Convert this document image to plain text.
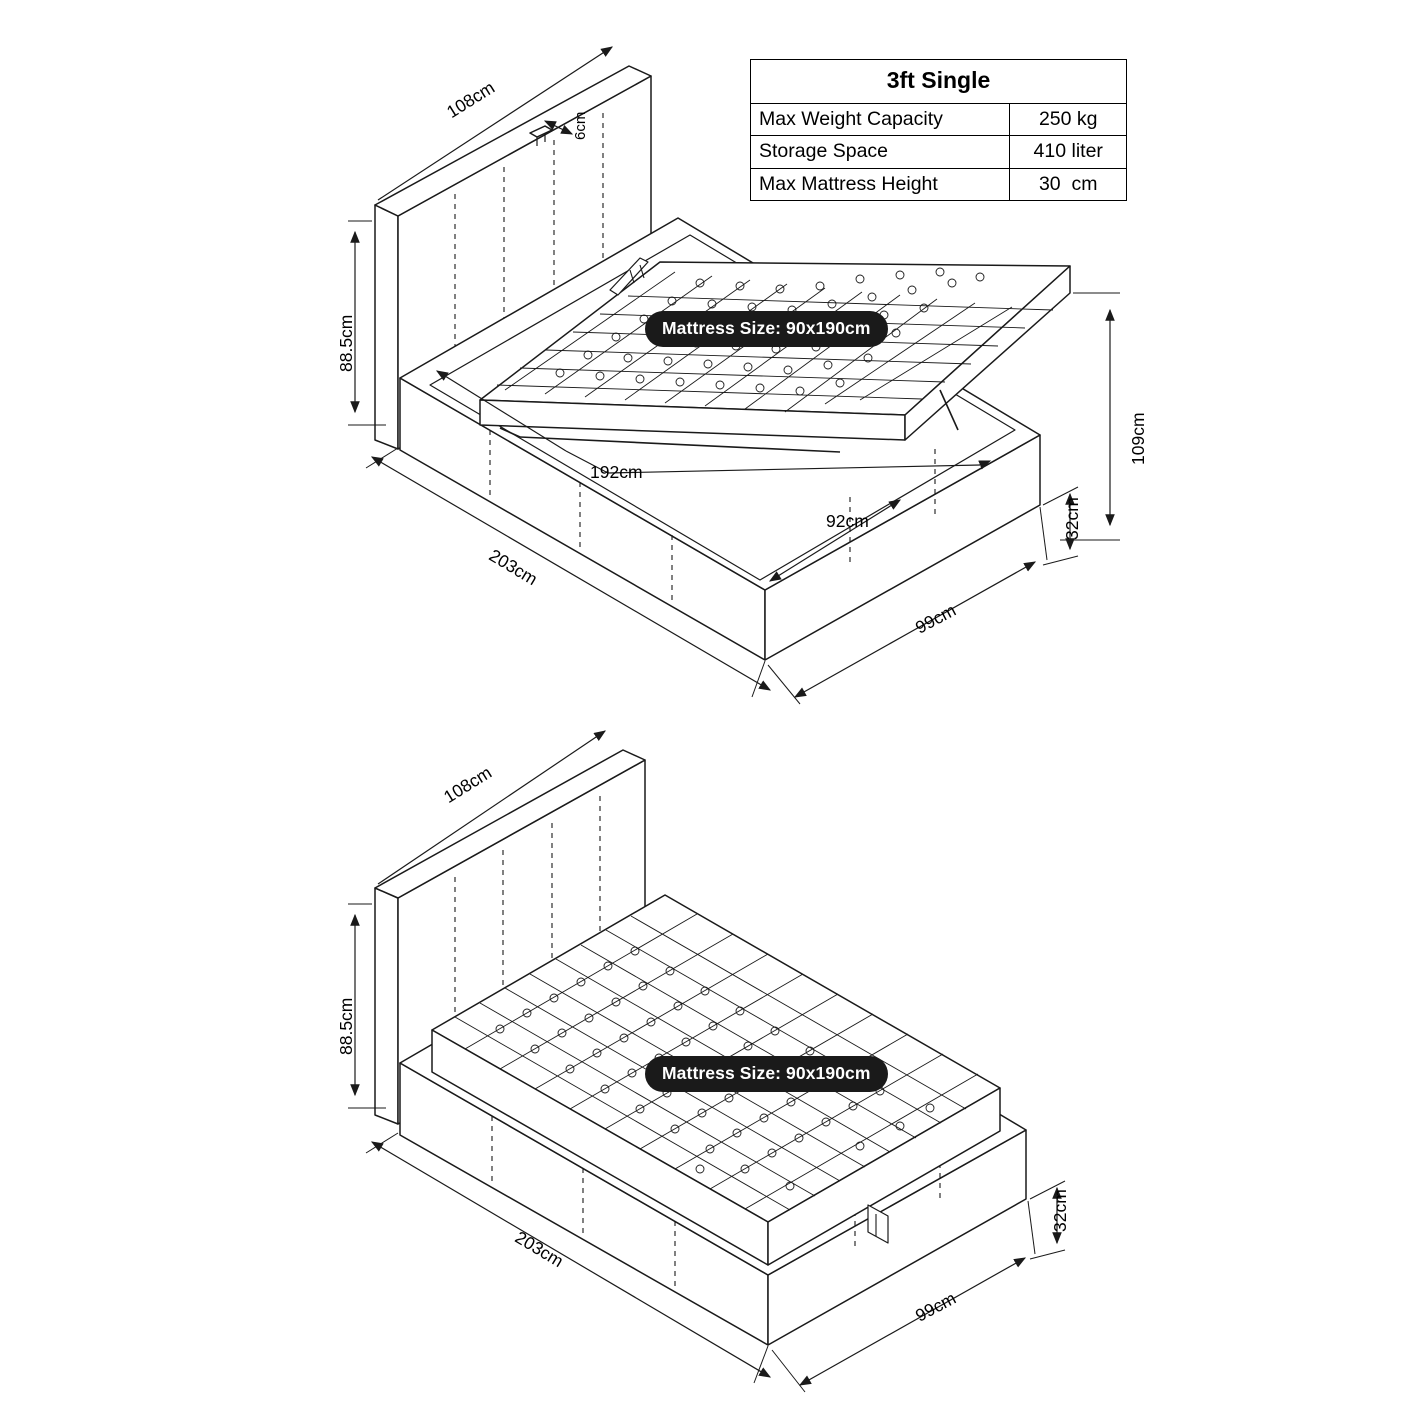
3ft Single	
Max Weight Capacity	250 kg
Storage Space	410 liter
Max Mattress Height	30  cm
Mattress Size: 90x190cm
Mattress Size: 90x190cm
108cm
6cm
88.5cm
192cm
92cm
203cm
99cm
32cm
109cm
108cm
88.5cm
203cm
99cm
32cm
